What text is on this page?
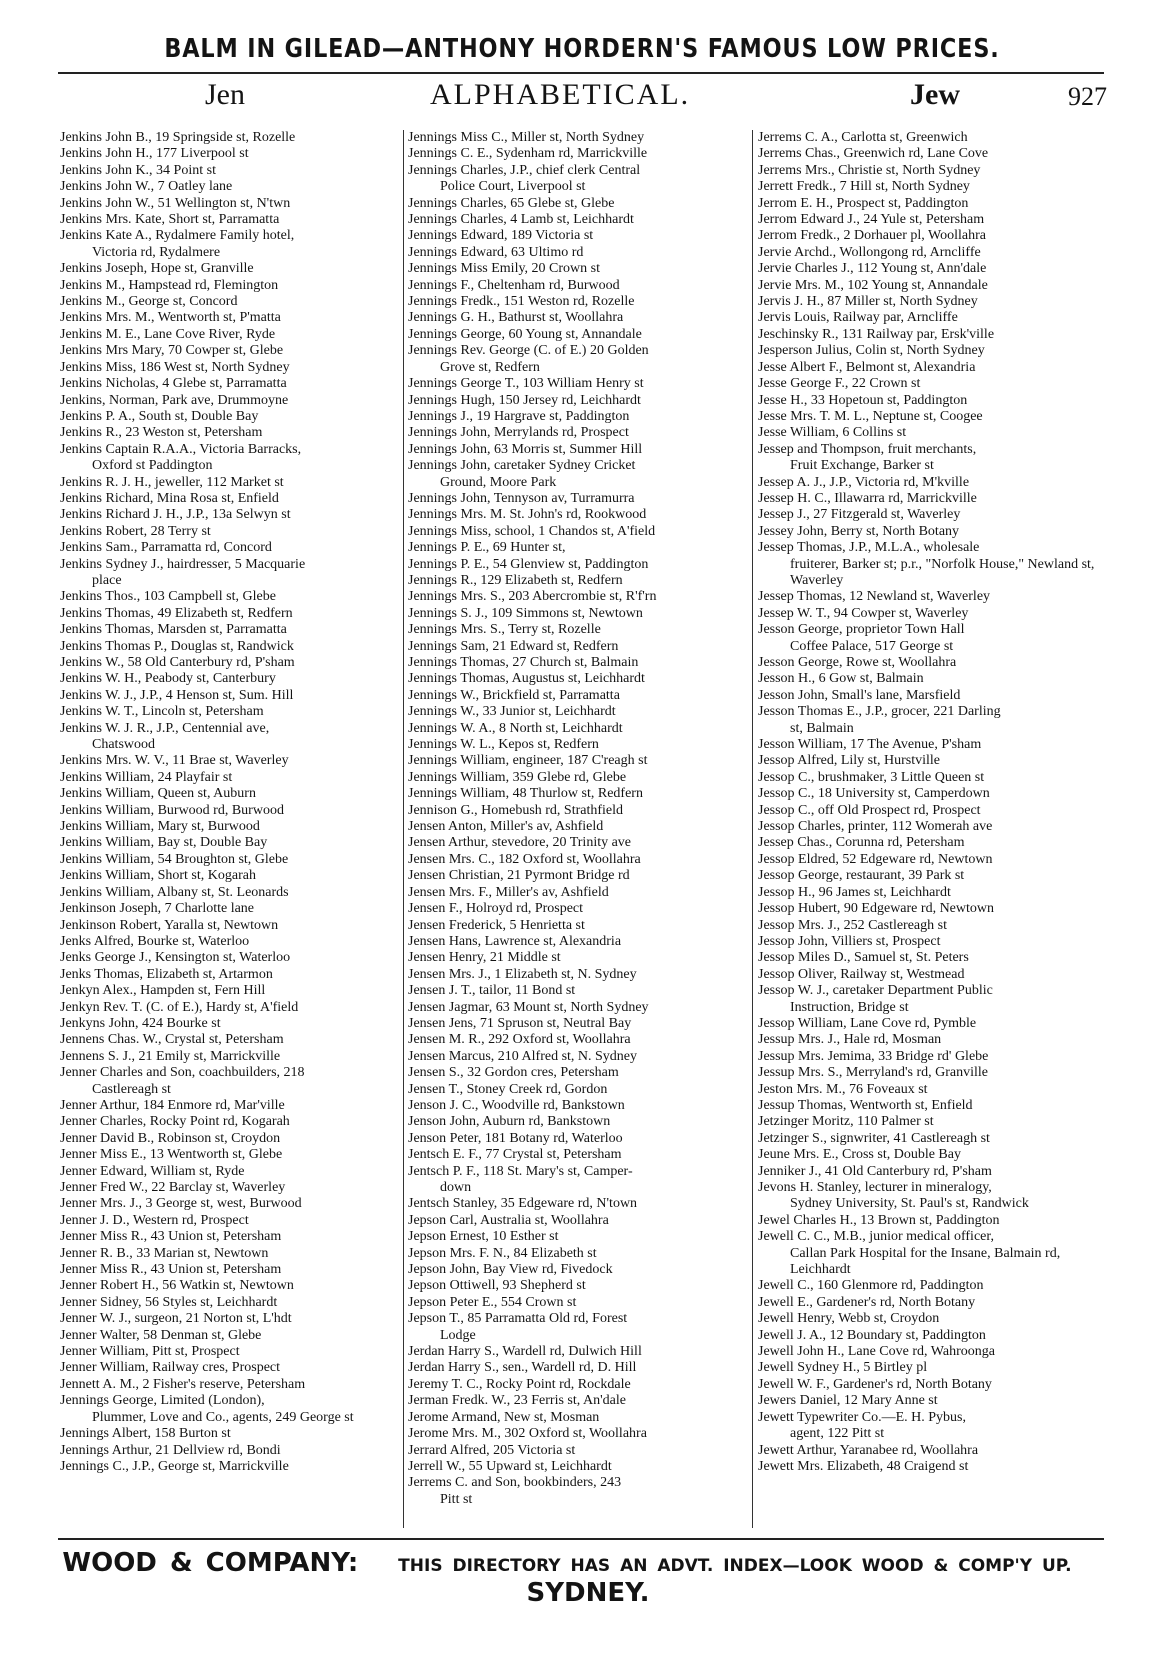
BALM IN GILEAD—ANTHONY HORDERN'S FAMOUS LOW PRICES.
Jen	ALPHABETICAL.	Jew	927

Jenkins John B., 19 Springside st, Rozelle

Jenkins John H., 177 Liverpool st

Jenkins John K., 34 Point st

Jenkins John W., 7 Oatley lane

Jenkins John W., 51 Wellington st, N'twn

Jenkins Mrs. Kate, Short st, Parramatta

Jenkins Kate A., Rydalmere Family hotel,
Victoria rd, Rydalmere

Jenkins Joseph, Hope st, Granville

Jenkins M., Hampstead rd, Flemington

Jenkins M., George st, Concord

Jenkins Mrs. M., Wentworth st, P'matta

Jenkins M. E., Lane Cove River, Ryde

Jenkins Mrs Mary, 70 Cowper st, Glebe

Jenkins Miss, 186 West st, North Sydney

Jenkins Nicholas, 4 Glebe st, Parramatta

Jenkins, Norman, Park ave, Drummoyne

Jenkins P. A., South st, Double Bay

Jenkins R., 23 Weston st, Petersham

Jenkins Captain R.A.A., Victoria Barracks,
Oxford st Paddington

Jenkins R. J. H., jeweller, 112 Market st

Jenkins Richard, Mina Rosa st, Enfield

Jenkins Richard J. H., J.P., 13a Selwyn st

Jenkins Robert, 28 Terry st

Jenkins Sam., Parramatta rd, Concord

Jenkins Sydney J., hairdresser, 5 Macquarie
place

Jenkins Thos., 103 Campbell st, Glebe

Jenkins Thomas, 49 Elizabeth st, Redfern

Jenkins Thomas, Marsden st, Parramatta

Jenkins Thomas P., Douglas st, Randwick

Jenkins W., 58 Old Canterbury rd, P'sham

Jenkins W. H., Peabody st, Canterbury

Jenkins W. J., J.P., 4 Henson st, Sum. Hill

Jenkins W. T., Lincoln st, Petersham

Jenkins W. J. R., J.P., Centennial ave,
Chatswood

Jenkins Mrs. W. V., 11 Brae st, Waverley

Jenkins William, 24 Playfair st

Jenkins William, Queen st, Auburn

Jenkins William, Burwood rd, Burwood

Jenkins William, Mary st, Burwood

Jenkins William, Bay st, Double Bay

Jenkins William, 54 Broughton st, Glebe

Jenkins William, Short st, Kogarah

Jenkins William, Albany st, St. Leonards

Jenkinson Joseph, 7 Charlotte lane

Jenkinson Robert, Yaralla st, Newtown

Jenks Alfred, Bourke st, Waterloo

Jenks George J., Kensington st, Waterloo

Jenks Thomas, Elizabeth st, Artarmon

Jenkyn Alex., Hampden st, Fern Hill

Jenkyn Rev. T. (C. of E.), Hardy st, A'field

Jenkyns John, 424 Bourke st

Jennens Chas. W., Crystal st, Petersham

Jennens S. J., 21 Emily st, Marrickville

Jenner Charles and Son, coachbuilders, 218
Castlereagh st

Jenner Arthur, 184 Enmore rd, Mar'ville

Jenner Charles, Rocky Point rd, Kogarah

Jenner David B., Robinson st, Croydon

Jenner Miss E., 13 Wentworth st, Glebe

Jenner Edward, William st, Ryde

Jenner Fred W., 22 Barclay st, Waverley

Jenner Mrs. J., 3 George st, west, Burwood

Jenner J. D., Western rd, Prospect

Jenner Miss R., 43 Union st, Petersham

Jenner R. B., 33 Marian st, Newtown

Jenner Miss R., 43 Union st, Petersham

Jenner Robert H., 56 Watkin st, Newtown

Jenner Sidney, 56 Styles st, Leichhardt

Jenner W. J., surgeon, 21 Norton st, L'hdt

Jenner Walter, 58 Denman st, Glebe

Jenner William, Pitt st, Prospect

Jenner William, Railway cres, Prospect

Jennett A. M., 2 Fisher's reserve, Petersham

Jennings George, Limited (London),
Plummer, Love and Co., agents, 249 George st

Jennings Albert, 158 Burton st

Jennings Arthur, 21 Dellview rd, Bondi

Jennings C., J.P., George st, Marrickville

Jennings Miss C., Miller st, North Sydney

Jennings C. E., Sydenham rd, Marrickville

Jennings Charles, J.P., chief clerk Central
Police Court, Liverpool st

Jennings Charles, 65 Glebe st, Glebe

Jennings Charles, 4 Lamb st, Leichhardt

Jennings Edward, 189 Victoria st

Jennings Edward, 63 Ultimo rd

Jennings Miss Emily, 20 Crown st

Jennings F., Cheltenham rd, Burwood

Jennings Fredk., 151 Weston rd, Rozelle

Jennings G. H., Bathurst st, Woollahra

Jennings George, 60 Young st, Annandale

Jennings Rev. George (C. of E.) 20 Golden
Grove st, Redfern

Jennings George T., 103 William Henry st

Jennings Hugh, 150 Jersey rd, Leichhardt

Jennings J., 19 Hargrave st, Paddington

Jennings John, Merrylands rd, Prospect

Jennings John, 63 Morris st, Summer Hill

Jennings John, caretaker Sydney Cricket
Ground, Moore Park

Jennings John, Tennyson av, Turramurra

Jennings Mrs. M. St. John's rd, Rookwood

Jennings Miss, school, 1 Chandos st, A'field

Jennings P. E., 69 Hunter st,

Jennings P. E., 54 Glenview st, Paddington

Jennings R., 129 Elizabeth st, Redfern

Jennings Mrs. S., 203 Abercrombie st, R'f'rn

Jennings S. J., 109 Simmons st, Newtown

Jennings Mrs. S., Terry st, Rozelle

Jennings Sam, 21 Edward st, Redfern

Jennings Thomas, 27 Church st, Balmain

Jennings Thomas, Augustus st, Leichhardt

Jennings W., Brickfield st, Parramatta

Jennings W., 33 Junior st, Leichhardt

Jennings W. A., 8 North st, Leichhardt

Jennings W. L., Kepos st, Redfern

Jennings William, engineer, 187 C'reagh st

Jennings William, 359 Glebe rd, Glebe

Jennings William, 48 Thurlow st, Redfern

Jennison G., Homebush rd, Strathfield

Jensen Anton, Miller's av, Ashfield

Jensen Arthur, stevedore, 20 Trinity ave

Jensen Mrs. C., 182 Oxford st, Woollahra

Jensen Christian, 21 Pyrmont Bridge rd

Jensen Mrs. F., Miller's av, Ashfield

Jensen F., Holroyd rd, Prospect

Jensen Frederick, 5 Henrietta st

Jensen Hans, Lawrence st, Alexandria

Jensen Henry, 21 Middle st

Jensen Mrs. J., 1 Elizabeth st, N. Sydney

Jensen J. T., tailor, 11 Bond st

Jensen Jagmar, 63 Mount st, North Sydney

Jensen Jens, 71 Spruson st, Neutral Bay

Jensen M. R., 292 Oxford st, Woollahra

Jensen Marcus, 210 Alfred st, N. Sydney

Jensen S., 32 Gordon cres, Petersham

Jensen T., Stoney Creek rd, Gordon

Jenson J. C., Woodville rd, Bankstown

Jenson John, Auburn rd, Bankstown

Jenson Peter, 181 Botany rd, Waterloo

Jentsch E. F., 77 Crystal st, Petersham

Jentsch P. F., 118 St. Mary's st, Camper-
down

Jentsch Stanley, 35 Edgeware rd, N'town

Jepson Carl, Australia st, Woollahra

Jepson Ernest, 10 Esther st

Jepson Mrs. F. N., 84 Elizabeth st

Jepson John, Bay View rd, Fivedock

Jepson Ottiwell, 93 Shepherd st

Jepson Peter E., 554 Crown st

Jepson T., 85 Parramatta Old rd, Forest
Lodge

Jerdan Harry S., Wardell rd, Dulwich Hill

Jerdan Harry S., sen., Wardell rd, D. Hill

Jeremy T. C., Rocky Point rd, Rockdale

Jerman Fredk. W., 23 Ferris st, An'dale

Jerome Armand, New st, Mosman

Jerome Mrs. M., 302 Oxford st, Woollahra

Jerrard Alfred, 205 Victoria st

Jerrell W., 55 Upward st, Leichhardt

Jerrems C. and Son, bookbinders, 243
Pitt st

Jerrems C. A., Carlotta st, Greenwich

Jerrems Chas., Greenwich rd, Lane Cove

Jerrems Mrs., Christie st, North Sydney

Jerrett Fredk., 7 Hill st, North Sydney

Jerrom E. H., Prospect st, Paddington

Jerrom Edward J., 24 Yule st, Petersham

Jerrom Fredk., 2 Dorhauer pl, Woollahra

Jervie Archd., Wollongong rd, Arncliffe

Jervie Charles J., 112 Young st, Ann'dale

Jervie Mrs. M., 102 Young st, Annandale

Jervis J. H., 87 Miller st, North Sydney

Jervis Louis, Railway par, Arncliffe

Jeschinsky R., 131 Railway par, Ersk'ville

Jesperson Julius, Colin st, North Sydney

Jesse Albert F., Belmont st, Alexandria

Jesse George F., 22 Crown st

Jesse H., 33 Hopetoun st, Paddington

Jesse Mrs. T. M. L., Neptune st, Coogee

Jesse William, 6 Collins st

Jessep and Thompson, fruit merchants,
Fruit Exchange, Barker st

Jessep A. J., J.P., Victoria rd, M'kville

Jessep H. C., Illawarra rd, Marrickville

Jessep J., 27 Fitzgerald st, Waverley

Jessey John, Berry st, North Botany

Jessep Thomas, J.P., M.L.A., wholesale
fruiterer, Barker st; p.r., "Norfolk House," Newland st, Waverley

Jessep Thomas, 12 Newland st, Waverley

Jessep W. T., 94 Cowper st, Waverley

Jesson George, proprietor Town Hall
Coffee Palace, 517 George st

Jesson George, Rowe st, Woollahra

Jesson H., 6 Gow st, Balmain

Jesson John, Small's lane, Marsfield

Jesson Thomas E., J.P., grocer, 221 Darling
st, Balmain

Jesson William, 17 The Avenue, P'sham

Jessop Alfred, Lily st, Hurstville

Jessop C., brushmaker, 3 Little Queen st

Jessop C., 18 University st, Camperdown

Jessop C., off Old Prospect rd, Prospect

Jessop Charles, printer, 112 Womerah ave

Jessep Chas., Corunna rd, Petersham

Jessop Eldred, 52 Edgeware rd, Newtown

Jessop George, restaurant, 39 Park st

Jessop H., 96 James st, Leichhardt

Jessop Hubert, 90 Edgeware rd, Newtown

Jessop Mrs. J., 252 Castlereagh st

Jessop John, Villiers st, Prospect

Jessop Miles D., Samuel st, St. Peters

Jessop Oliver, Railway st, Westmead

Jessop W. J., caretaker Department Public
Instruction, Bridge st

Jessop William, Lane Cove rd, Pymble

Jessup Mrs. J., Hale rd, Mosman

Jessup Mrs. Jemima, 33 Bridge rd' Glebe

Jessup Mrs. S., Merryland's rd, Granville

Jeston Mrs. M., 76 Foveaux st

Jessup Thomas, Wentworth st, Enfield

Jetzinger Moritz, 110 Palmer st

Jetzinger S., signwriter, 41 Castlereagh st

Jeune Mrs. E., Cross st, Double Bay

Jenniker J., 41 Old Canterbury rd, P'sham

Jevons H. Stanley, lecturer in mineralogy,
Sydney University, St. Paul's st, Randwick

Jewel Charles H., 13 Brown st, Paddington

Jewell C. C., M.B., junior medical officer,
Callan Park Hospital for the Insane, Balmain rd, Leichhardt

Jewell C., 160 Glenmore rd, Paddington

Jewell E., Gardener's rd, North Botany

Jewell Henry, Webb st, Croydon

Jewell J. A., 12 Boundary st, Paddington

Jewell John H., Lane Cove rd, Wahroonga

Jewell Sydney H., 5 Birtley pl

Jewell W. F., Gardener's rd, North Botany

Jewers Daniel, 12 Mary Anne st

Jewett Typewriter Co.—E. H. Pybus,
agent, 122 Pitt st

Jewett Arthur, Yaranabee rd, Woollahra

Jewett Mrs. Elizabeth, 48 Craigend st

WOOD & COMPANY: THIS DIRECTORY HAS AN ADVT. INDEX—LOOK WOOD & COMP'Y UP. SYDNEY.
